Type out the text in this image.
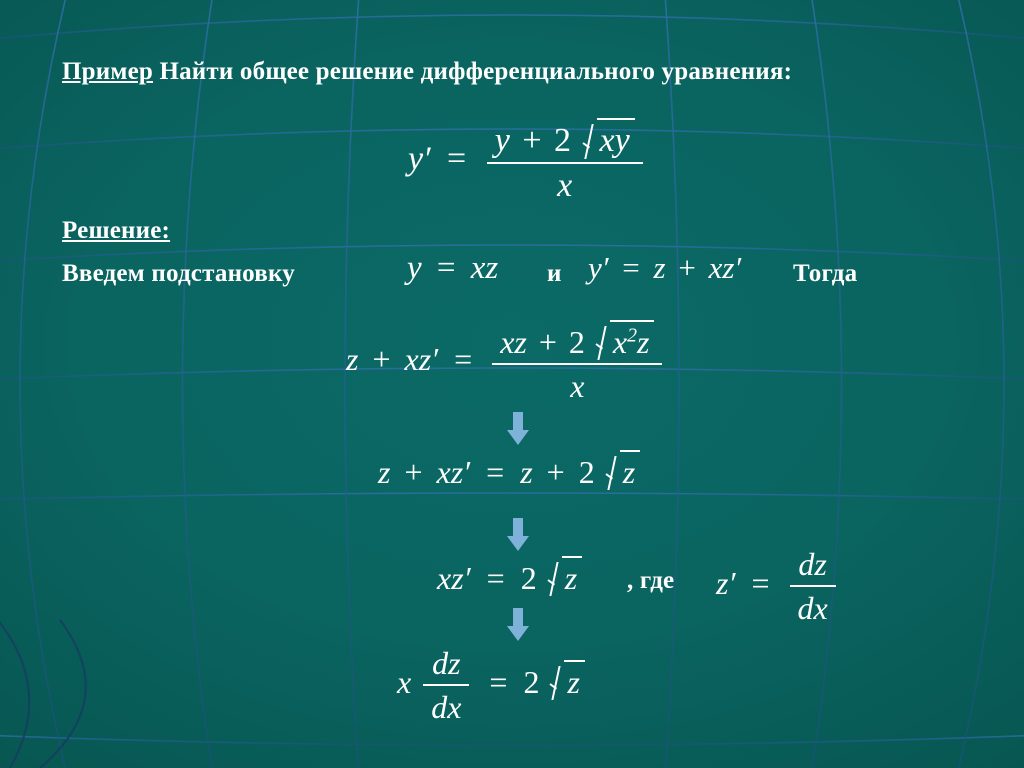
Пример Найти общее решение дифференциального уравнения:
$y' = \frac{y + 2 xy}{x}$
Решение:
Введем подстановку	y = xz и y′ = z + xz′ Тогда
$z + xz' = \frac{xz + 2 x^2z}{x}$
z + xz′ = z + 2 z
xz′ = 2 z , где $z' = \frac{dz}{dx}$
x $\frac{dz}{dx} = 2$ z
